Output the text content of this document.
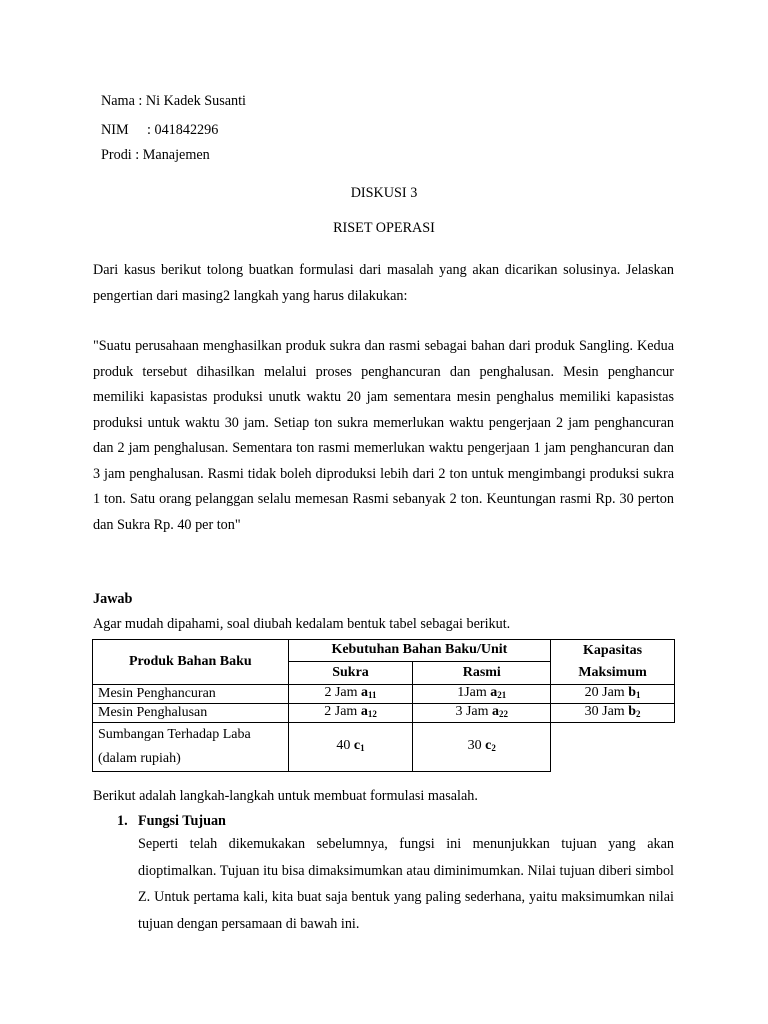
Nama : Ni Kadek Susanti
NIM : 041842296
Prodi : Manajemen
DISKUSI 3
RISET OPERASI
Dari kasus berikut tolong buatkan formulasi dari masalah yang akan dicarikan solusinya. Jelaskan pengertian dari masing2 langkah yang harus dilakukan:
"Suatu perusahaan menghasilkan produk sukra dan rasmi sebagai bahan dari produk Sangling. Kedua produk tersebut dihasilkan melalui proses penghancuran dan penghalusan. Mesin penghancur memiliki kapasistas produksi unutk waktu 20 jam sementara mesin penghalus memiliki kapasistas produksi untuk waktu 30 jam. Setiap ton sukra memerlukan waktu pengerjaan 2 jam penghancuran dan 2 jam penghalusan. Sementara ton rasmi memerlukan waktu pengerjaan 1 jam penghancuran dan 3 jam penghalusan. Rasmi tidak boleh diproduksi lebih dari 2 ton untuk mengimbangi produksi sukra 1 ton. Satu orang pelanggan selalu memesan Rasmi sebanyak 2 ton. Keuntungan rasmi Rp. 30 perton dan Sukra Rp. 40 per ton"
Jawab
Agar mudah dipahami, soal diubah kedalam bentuk tabel sebagai berikut.
Produk Bahan Baku	Kebutuhan Bahan Baku/Unit		Kapasitas
Maksimum
	Sukra	Rasmi	
Mesin Penghancuran	2 Jam $a_{11}$	1Jam $a_{21}$	20 Jam $b_1$
Mesin Penghalusan	2 Jam $a_{12}$	3 Jam $a_{22}$	30 Jam $b_2$
Sumbangan Terhadap Laba
(dalam rupiah)	40 $c_1$	30 $c_2$	
Berikut adalah langkah-langkah untuk membuat formulasi masalah.
1. Fungsi Tujuan
Seperti telah dikemukakan sebelumnya, fungsi ini menunjukkan tujuan yang akan dioptimalkan. Tujuan itu bisa dimaksimumkan atau diminimumkan. Nilai tujuan diberi simbol Z. Untuk pertama kali, kita buat saja bentuk yang paling sederhana, yaitu maksimumkan nilai tujuan dengan persamaan di bawah ini.
